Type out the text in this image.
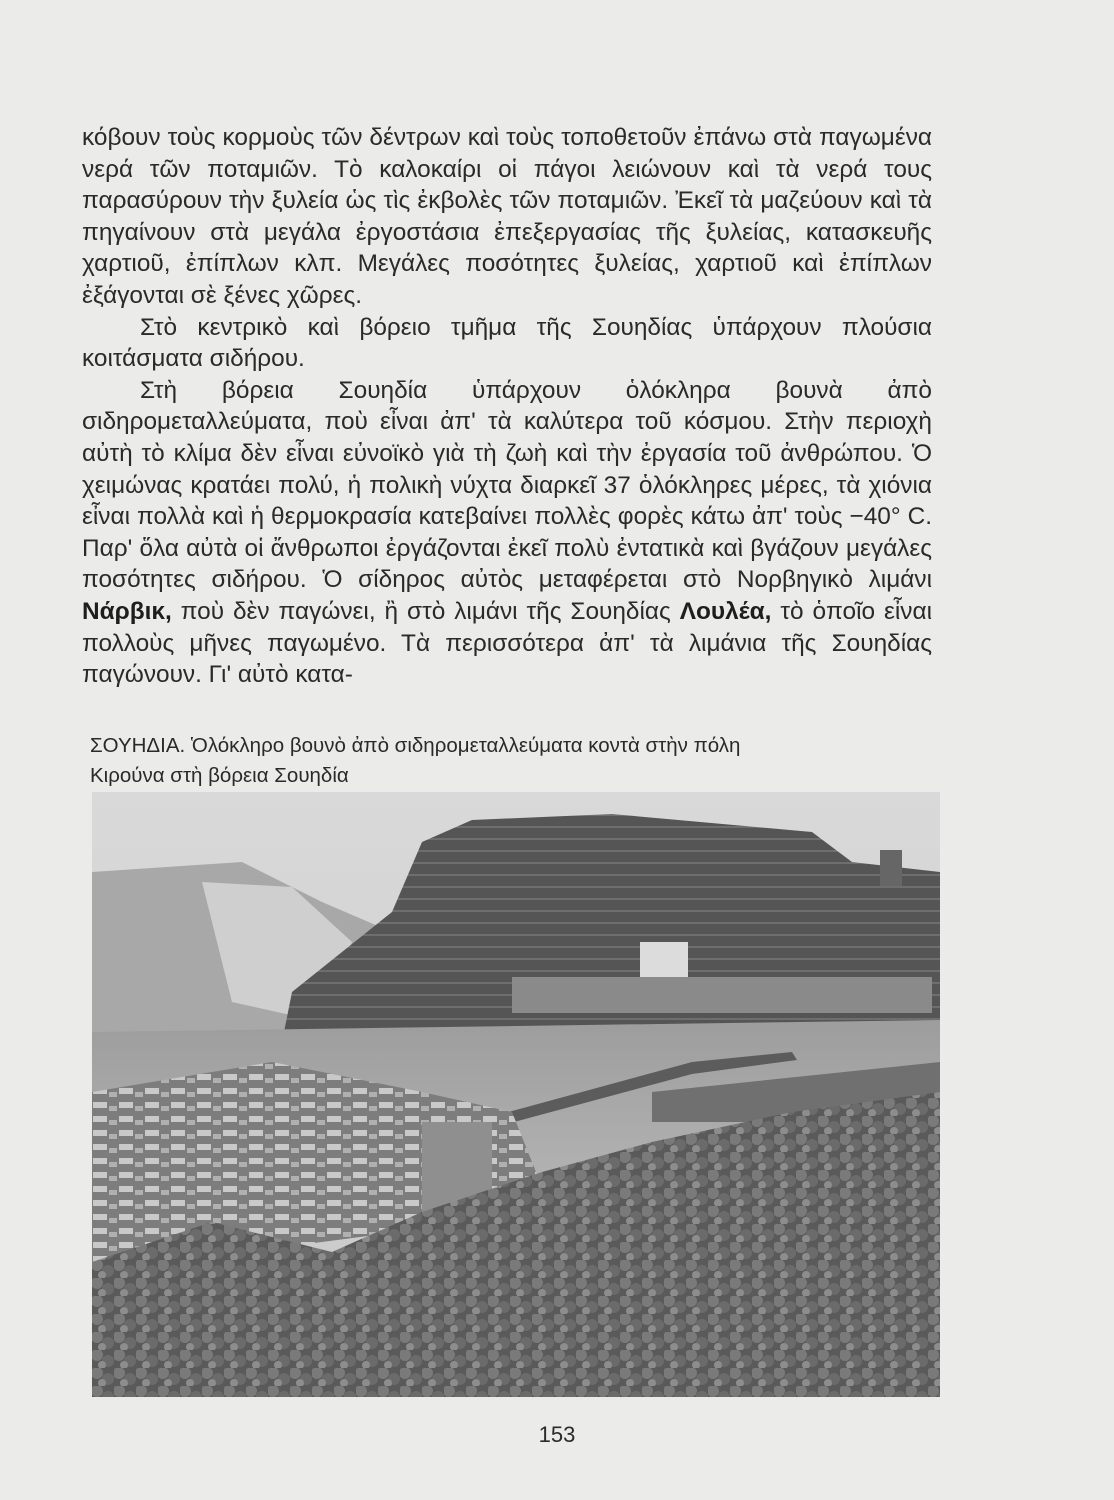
κόβουν τοὺς κορμοὺς τῶν δέντρων καὶ τοὺς τοποθετοῦν ἐπάνω στὰ παγωμένα νερά τῶν ποταμιῶν. Τὸ καλοκαίρι οἱ πάγοι λειώνουν καὶ τὰ νερά τους παρασύρουν τὴν ξυλεία ὡς τὶς ἐκβολὲς τῶν ποταμιῶν. Ἐκεῖ τὰ μαζεύουν καὶ τὰ πηγαίνουν στὰ μεγάλα ἐργοστάσια ἐπεξεργασίας τῆς ξυλείας, κατασκευῆς χαρτιοῦ, ἐπίπλων κλπ. Μεγάλες ποσότητες ξυλείας, χαρτιοῦ καὶ ἐπίπλων ἐξάγονται σὲ ξένες χῶρες.

Στὸ κεντρικὸ καὶ βόρειο τμῆμα τῆς Σουηδίας ὑπάρχουν πλούσια κοιτάσματα σιδήρου.

Στὴ βόρεια Σουηδία ὑπάρχουν ὁλόκληρα βουνὰ ἀπὸ σιδηρομεταλλεύματα, ποὺ εἶναι ἀπ' τὰ καλύτερα τοῦ κόσμου. Στὴν περιοχὴ αὐτὴ τὸ κλίμα δὲν εἶναι εὐνοϊκὸ γιὰ τὴ ζωὴ καὶ τὴν ἐργασία τοῦ ἀνθρώπου. Ὁ χειμώνας κρατάει πολύ, ἡ πολικὴ νύχτα διαρκεῖ 37 ὁλόκληρες μέρες, τὰ χιόνια εἶναι πολλὰ καὶ ἡ θερμοκρασία κατεβαίνει πολλὲς φορὲς κάτω ἀπ' τοὺς −40° C. Παρ' ὅλα αὐτὰ οἱ ἄνθρωποι ἐργάζονται ἐκεῖ πολὺ ἐντατικὰ καὶ βγάζουν μεγάλες ποσότητες σιδήρου. Ὁ σίδηρος αὐτὸς μεταφέρεται στὸ Νορβηγικὸ λιμάνι Νάρβικ, ποὺ δὲν παγώνει, ἢ στὸ λιμάνι τῆς Σουηδίας Λουλέα, τὸ ὁποῖο εἶναι πολλοὺς μῆνες παγωμένο. Τὰ περισσότερα ἀπ' τὰ λιμάνια τῆς Σουηδίας παγώνουν. Γι' αὐτὸ κατα-

ΣΟΥΗΔΙΑ. Ὁλόκληρο βουνὸ ἀπὸ σιδηρομεταλλεύματα κοντὰ στὴν πόλη
Κιρούνα στὴ βόρεια Σουηδία
153
